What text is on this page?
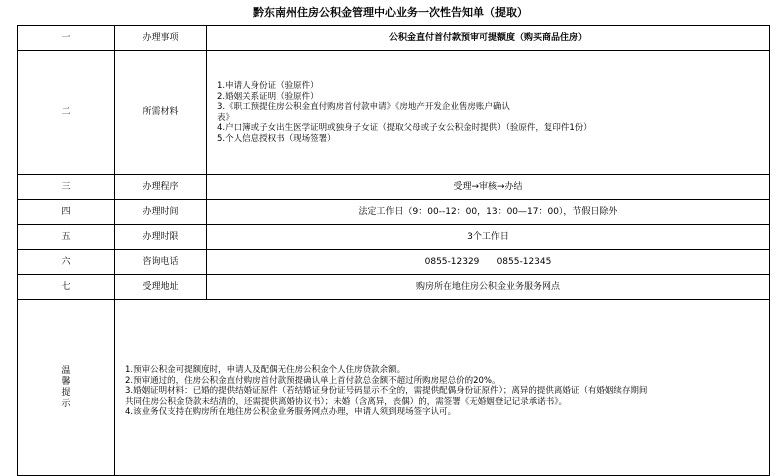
黔东南州住房公积金管理中心业务一次性告知单（提取）
一	办理事项	公积金直付首付款预审可提额度（购买商品住房）
二	所需材料	
1.申请人身份证（验原件）
2.婚姻关系证明（验原件）
3.《职工预提住房公积金直付购房首付款申请》《房地产开发企业售房账户确认
表》
4.户口簿或子女出生医学证明或独身子女证（提取父母或子女公积金时提供）（验原件，复印件1份）
5.个人信息授权书（现场签署）

三	办理程序	受理→审核→办结
四	办理时间	法定工作日（9：00--12：00，13：00—17：00），节假日除外
五	办理时限	3个工作日
六	咨询电话	0855-12329      0855-12345
七	受理地址	购房所在地住房公积金业务服务网点
温馨提示	1.预审公积金可提额度时，申请人及配偶无住房公积金个人住房贷款余额。
2.预审通过的，住房公积金直付购房首付款预提确认单上首付款总金额不超过所购房屋总价的20%。
3.婚姻证明材料：已婚的提供结婚证原件（若结婚证身份证号码显示不全的，需提供配偶身份证原件）；离异的提供离婚证（有婚姻续存期间
共同住房公积金贷款未结清的，还需提供离婚协议书）；未婚（含离异，丧偶）的，需签署《无婚姻登记记录承诺书》。
4.该业务仅支持在购房所在地住房公积金业务服务网点办理，申请人须到现场签字认可。	
